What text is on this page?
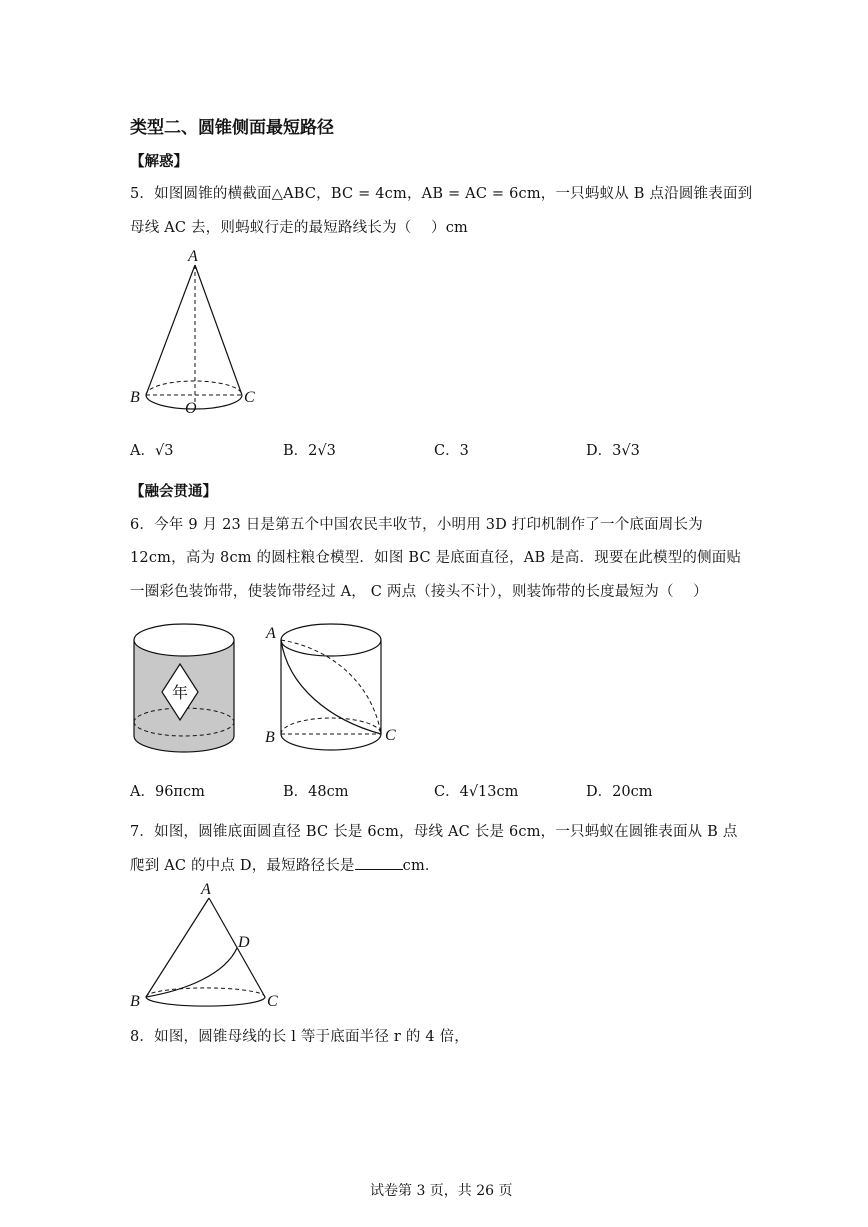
类型二、圆锥侧面最短路径
【解惑】
5．如图圆锥的横截面△ABC，BC = 4cm，AB = AC = 6cm，一只蚂蚁从 B 点沿圆锥表面到
母线 AC 去，则蚂蚁行走的最短路线长为（　 ）cm
A
B	C
O
A．√3	B．2√3	C．3	D．3√3
【融会贯通】
6．今年 9 月 23 日是第五个中国农民丰收节，小明用 3D 打印机制作了一个底面周长为
12cm，高为 8cm 的圆柱粮仓模型．如图 BC 是底面直径，AB 是高．现要在此模型的侧面贴
一圈彩色装饰带，使装饰带经过 A， C 两点（接头不计），则装饰带的长度最短为（　 ）
年
A
B	C
A．96πcm	B．48cm	C．4√13cm	D．20cm
7．如图，圆锥底面圆直径 BC 长是 6cm，母线 AC 长是 6cm，一只蚂蚁在圆锥表面从 B 点
爬到 AC 的中点 D，最短路径长是	cm．
A
B	C
D
8．如图，圆锥母线的长 l 等于底面半径 r 的 4 倍，
试卷第 3 页，共 26 页
